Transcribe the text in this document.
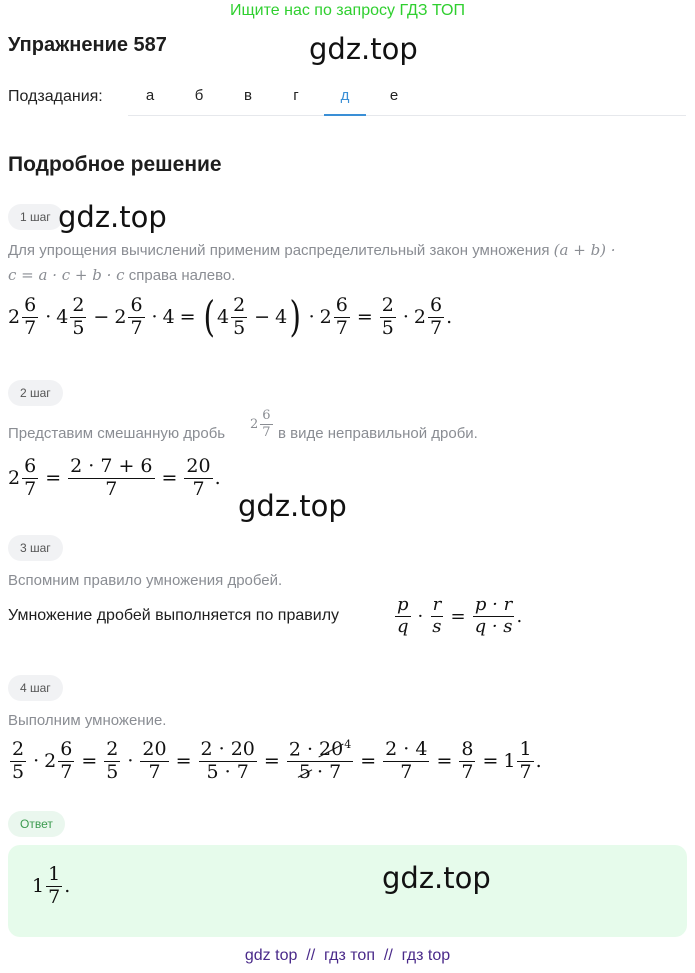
Ищите нас по запросу ГДЗ ТОП
Упражнение 587	gdz.top
Подзадания:	а	б	в	г	д	е
Подробное решение
1 шаг gdz.top
Для упрощения вычислений применим распределительный закон умножения (a + b) ·
c = a · c + b · c справа налево.
$2 \frac{6}{7} \cdot 4 \frac{2}{5} - 2 \frac{6}{7} \cdot 4$ = ( $4 \frac{2}{5} - 4$ ) · $2 \frac{6}{7} = \frac{2}{5} \cdot 2 \frac{6}{7}$ .
2 шаг
Представим смешанную дробь
$2 \frac{6}{7}$ в виде неправильной дроби.
$2 \frac{6}{7} = \frac{2 \cdot 7 + 6}{7} = \frac{20}{7}$ .
gdz.top
3 шаг
Вспомним правило умножения дробей.
Умножение дробей выполняется по правилу	$\frac{p}{q} \cdot \frac{r}{s} = \frac{p \cdot r}{q \cdot s}$ .
4 шаг
Выполним умножение.
$\frac{2}{5} \cdot 2 \frac{6}{7} = \frac{2}{5} \cdot \frac{20}{7} = \frac{2 \cdot 20}{5 \cdot 7} = \frac{2 \cdot 20^4}{5 \cdot 7} = \frac{2 \cdot 4}{7} = \frac{8}{7} = 1 \frac{1}{7}$ .
Ответ
$1 \frac{1}{7}$ .	gdz.top
gdz top  //  гдз топ  //  гдз top
